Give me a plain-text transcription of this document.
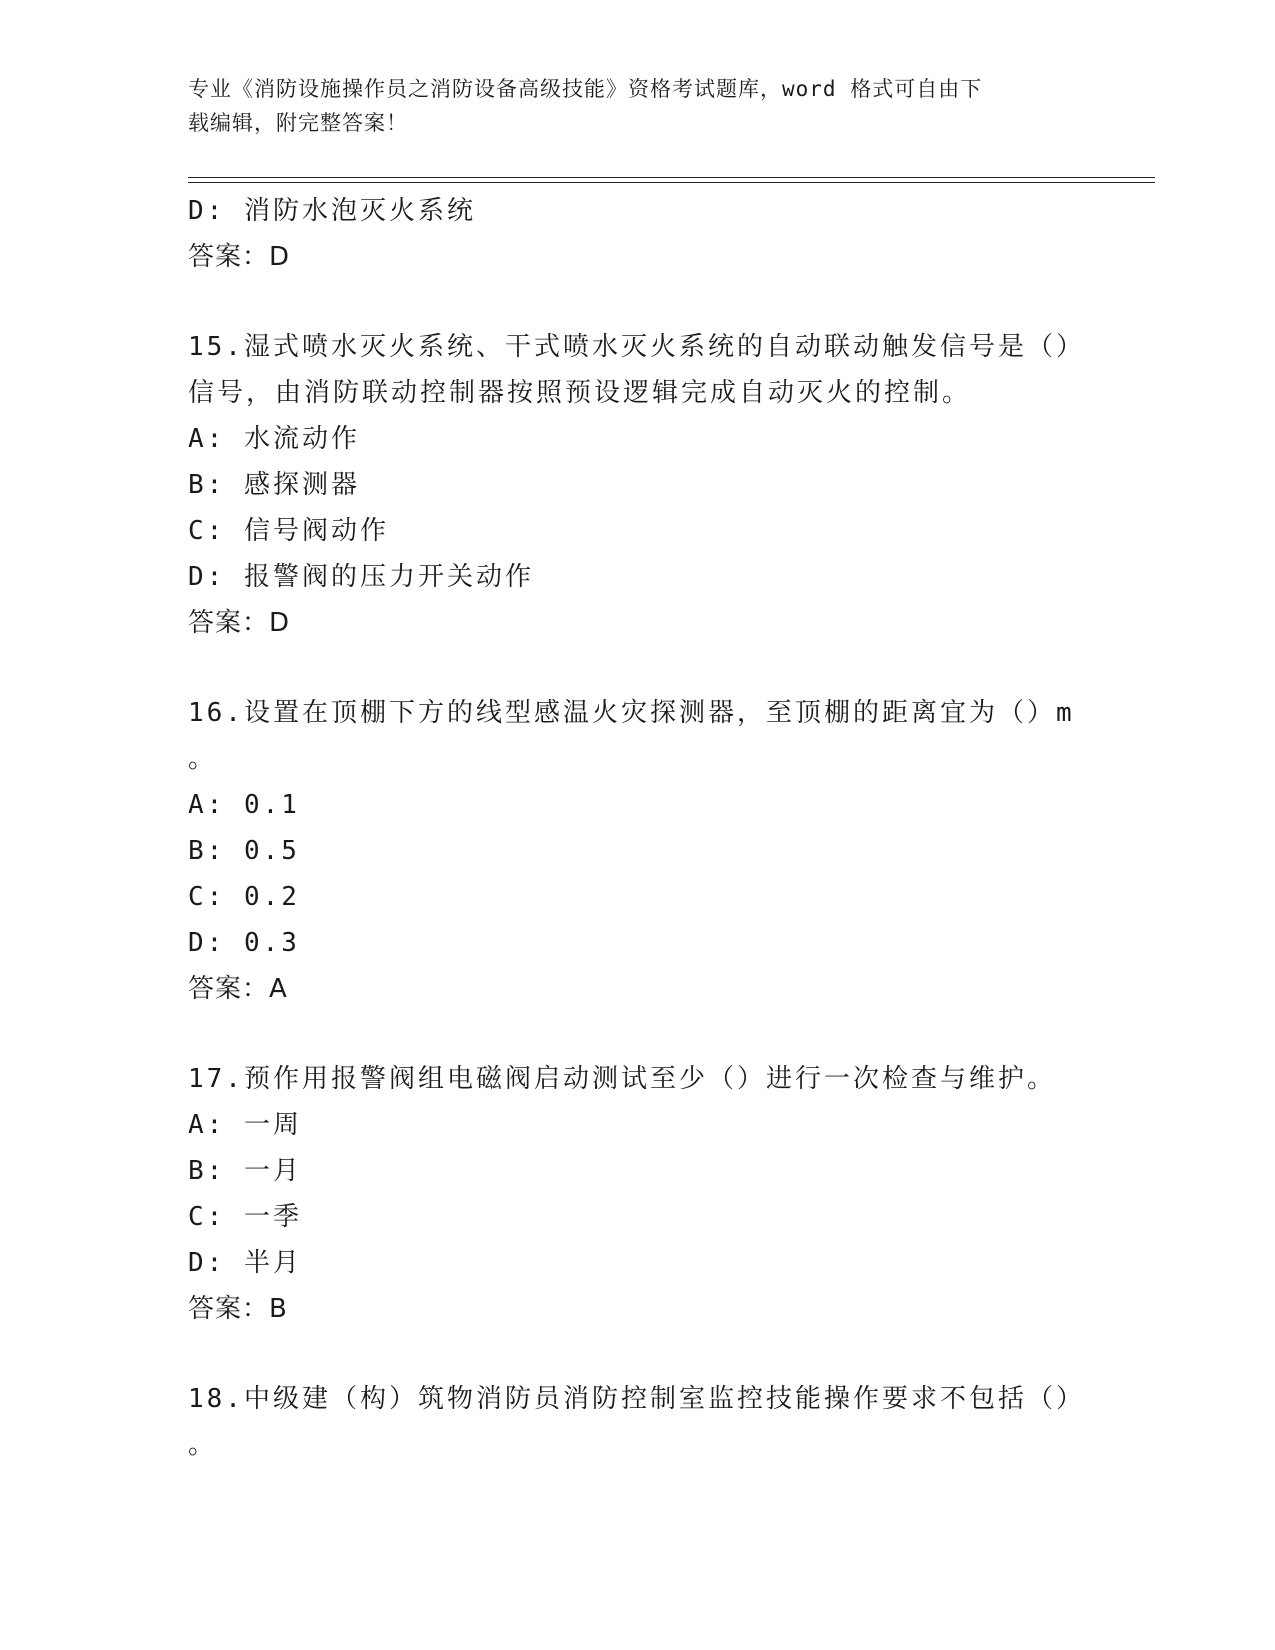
专业《消防设施操作员之消防设备高级技能》资格考试题库，word 格式可自由下
载编辑，附完整答案！
D: 消防水泡灭火系统
答案：D
15.湿式喷水灭火系统、干式喷水灭火系统的自动联动触发信号是（）
信号，由消防联动控制器按照预设逻辑完成自动灭火的控制。
A: 水流动作
B: 感探测器
C: 信号阀动作
D: 报警阀的压力开关动作
答案：D
16.设置在顶棚下方的线型感温火灾探测器，至顶棚的距离宜为（）m
。
A: 0.1
B: 0.5
C: 0.2
D: 0.3
答案：A
17.预作用报警阀组电磁阀启动测试至少（）进行一次检查与维护。
A: 一周
B: 一月
C: 一季
D: 半月
答案：B
18.中级建（构）筑物消防员消防控制室监控技能操作要求不包括（）
。
